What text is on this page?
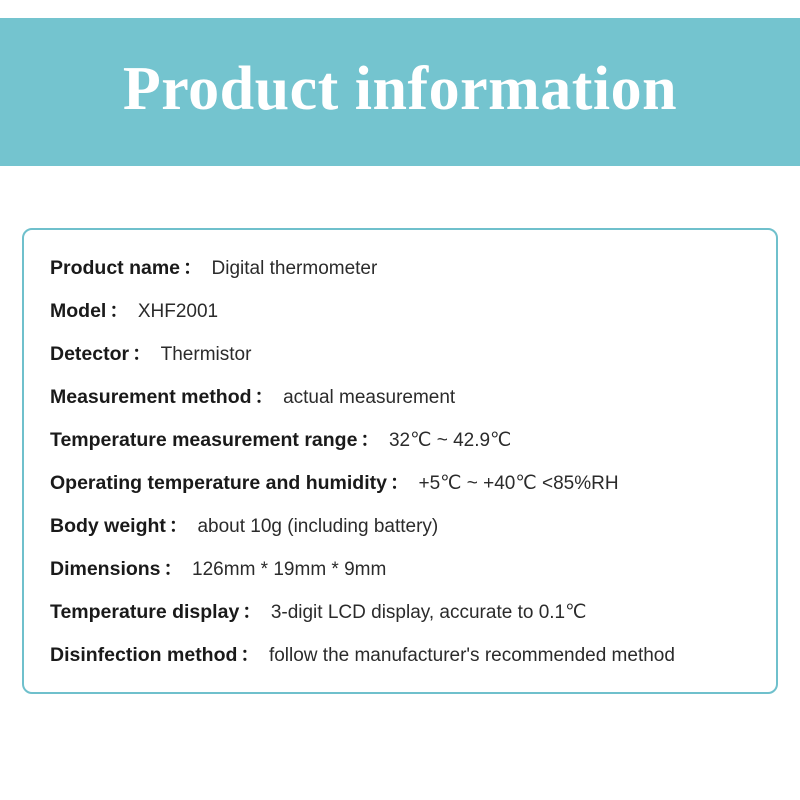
Product information
Product name ： Digital thermometer
Model ： XHF2001
Detector ： Thermistor
Measurement method ： actual measurement
Temperature measurement range ： 32℃ ~ 42.9℃
Operating temperature and humidity ： +5℃ ~ +40℃ <85%RH
Body weight ： about 10g (including battery)
Dimensions ： 126mm * 19mm * 9mm
Temperature display ： 3-digit LCD display, accurate to 0.1℃
Disinfection method ： follow the manufacturer's recommended method
